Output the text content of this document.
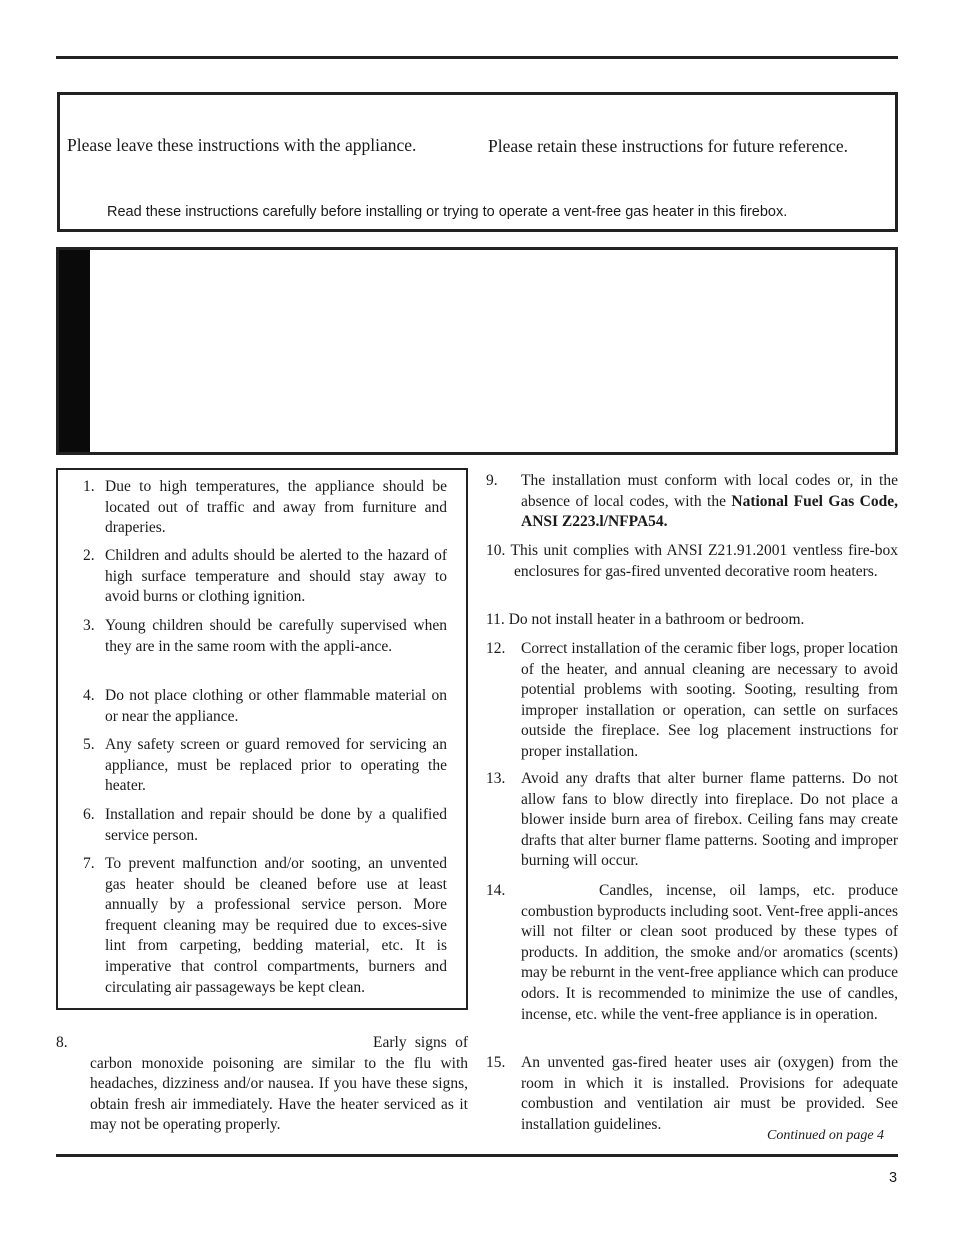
Please leave these instructions with the appliance.	Please retain these instructions for future reference.
Read these instructions carefully before installing or trying to operate a vent-free gas heater in this firebox.
1. Due to high temperatures, the appliance should be located out of traffic and away from furniture and draperies.
2. Children and adults should be alerted to the hazard of high surface temperature and should stay away to avoid burns or clothing ignition.
3. Young children should be carefully supervised when they are in the same room with the appli-ance.
4. Do not place clothing or other flammable material on or near the appliance.
5. Any safety screen or guard removed for servicing an appliance, must be replaced prior to operating the heater.
6. Installation and repair should be done by a qualified service person.
7. To prevent malfunction and/or sooting, an unvented gas heater should be cleaned before use at least annually by a professional service person. More frequent cleaning may be required due to exces-sive lint from carpeting, bedding material, etc. It is imperative that control compartments, burners and circulating air passageways be kept clean.
8.	Early signs of carbon monoxide poisoning are similar to the flu with headaches, dizziness and/or nausea. If you have these signs, obtain fresh air immediately. Have the heater serviced as it may not be operating properly.
9. The installation must conform with local codes or, in the absence of local codes, with the National Fuel Gas Code, ANSI Z223.l/NFPA54.
10. This unit complies with ANSI Z21.91.2001 ventless fire-box enclosures for gas-fired unvented decorative room heaters.
11. Do not install heater in a bathroom or bedroom.
12. Correct installation of the ceramic fiber logs, proper location of the heater, and annual cleaning are necessary to avoid potential problems with sooting. Sooting, resulting from improper installation or operation, can settle on surfaces outside the fireplace. See log placement instructions for proper installation.
13. Avoid any drafts that alter burner flame patterns. Do not allow fans to blow directly into fireplace. Do not place a blower inside burn area of firebox. Ceiling fans may create drafts that alter burner flame patterns. Sooting and improper burning will occur.
14.	Candles, incense, oil lamps, etc. produce combustion byproducts including soot. Vent-free appli-ances will not filter or clean soot produced by these types of products. In addition, the smoke and/or aromatics (scents) may be reburnt in the vent-free appliance which can produce odors. It is recommended to minimize the use of candles, incense, etc. while the vent-free appliance is in operation.
15. An unvented gas-fired heater uses air (oxygen) from the room in which it is installed. Provisions for adequate combustion and ventilation air must be provided. See installation guidelines.
Continued on page 4
3
